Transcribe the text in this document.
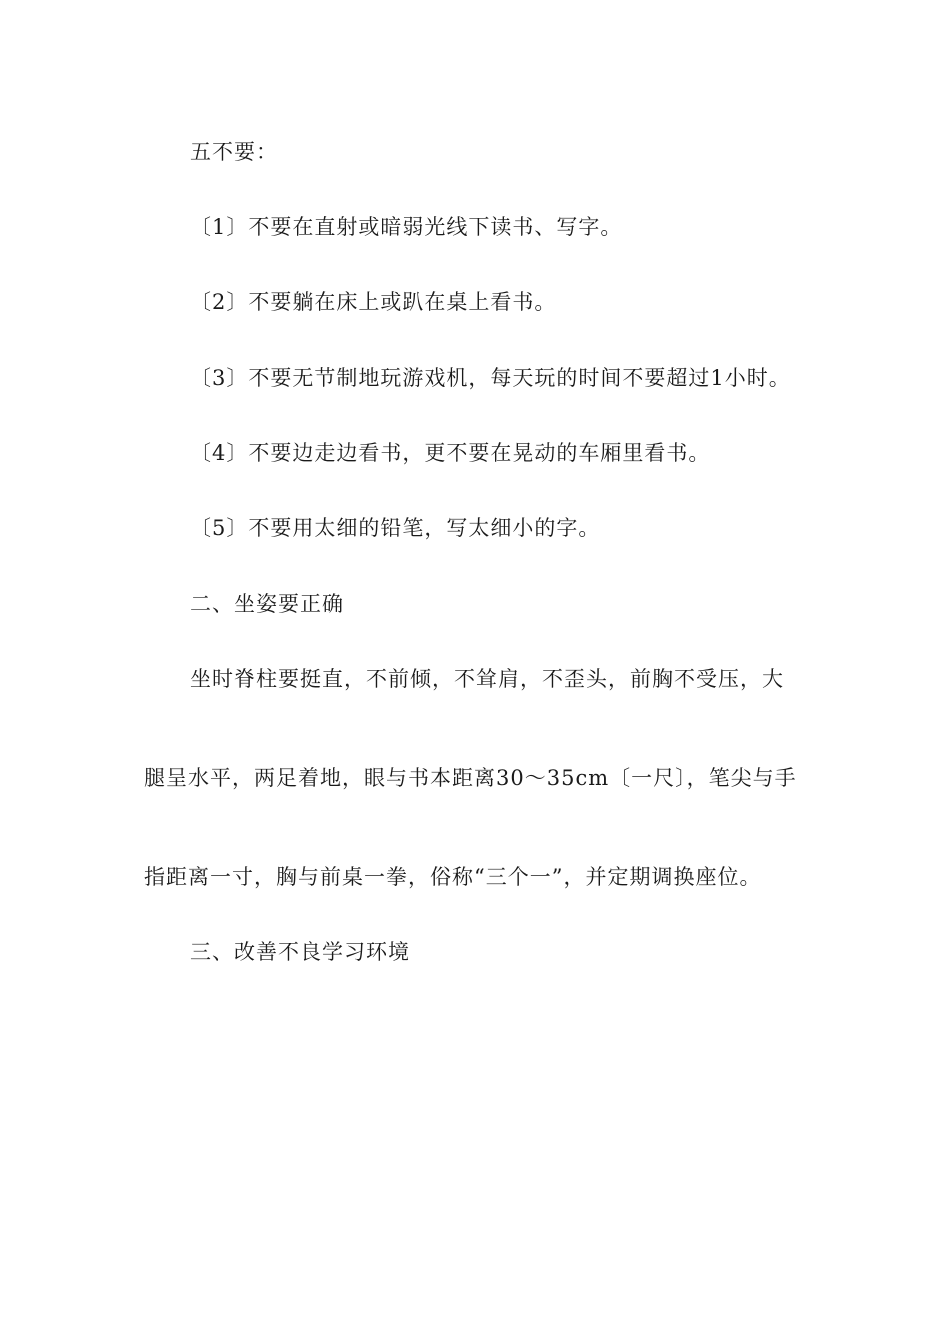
五不要：
〔1〕不要在直射或暗弱光线下读书、写字。
〔2〕不要躺在床上或趴在桌上看书。
〔3〕不要无节制地玩游戏机，每天玩的时间不要超过1小时。
〔4〕不要边走边看书，更不要在晃动的车厢里看书。
〔5〕不要用太细的铅笔，写太细小的字。
二、坐姿要正确
坐时脊柱要挺直，不前倾，不耸肩，不歪头，前胸不受压，大
腿呈水平，两足着地，眼与书本距离30～35cm〔一尺〕，笔尖与手
指距离一寸，胸与前桌一拳，俗称“三个一”，并定期调换座位。
三、改善不良学习环境
